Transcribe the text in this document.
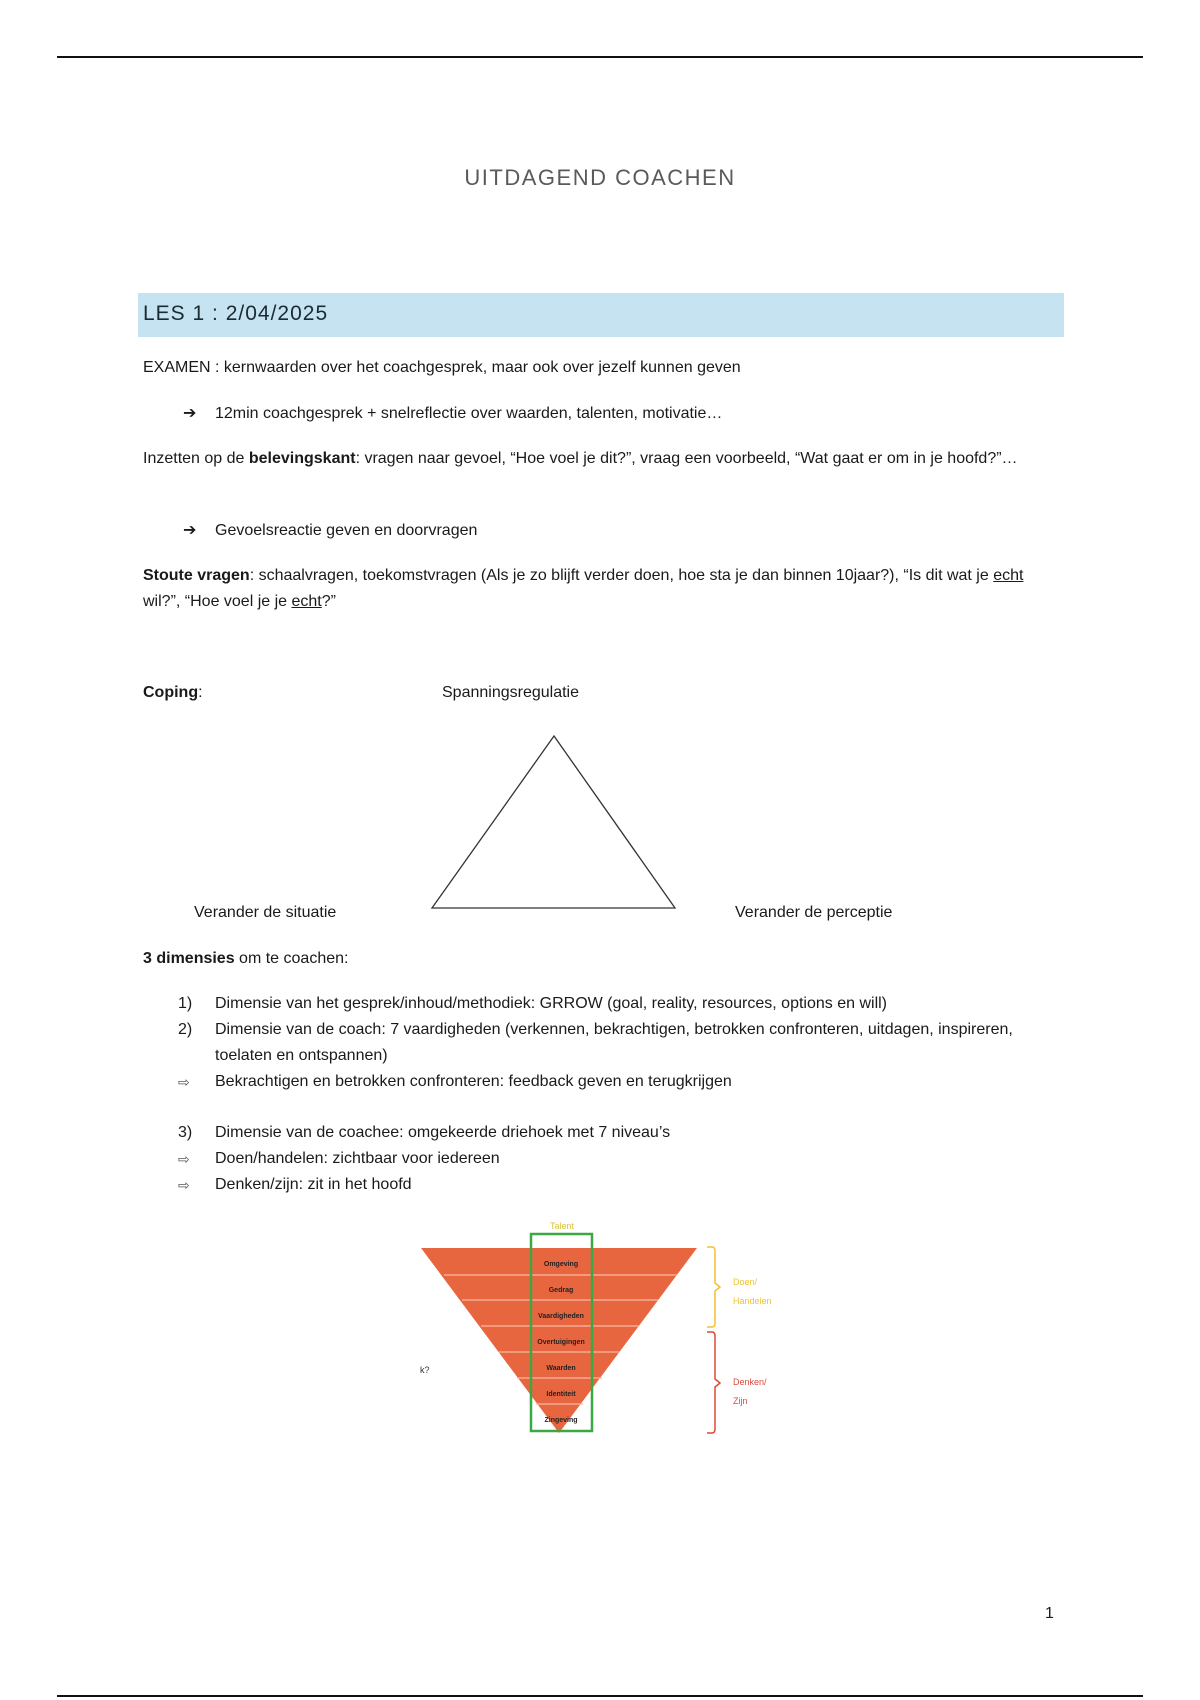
UITDAGEND COACHEN
LES 1 : 2/04/2025
EXAMEN : kernwaarden over het coachgesprek, maar ook over jezelf kunnen geven
➔ 12min coachgesprek + snelreflectie over waarden, talenten, motivatie…
Inzetten op de belevingskant: vragen naar gevoel, “Hoe voel je dit?”, vraag een voorbeeld, “Wat gaat er om in je hoofd?”…
➔ Gevoelsreactie geven en doorvragen
Stoute vragen: schaalvragen, toekomstvragen (Als je zo blijft verder doen, hoe sta je dan binnen 10jaar?), “Is dit wat je echt wil?”, “Hoe voel je je echt?”
Coping:	Spanningsregulatie
Verander de situatie	Verander de perceptie
3 dimensies om te coachen:
1) Dimensie van het gesprek/inhoud/methodiek: GRROW (goal, reality, resources, options en will)
2) Dimensie van de coach: 7 vaardigheden (verkennen, bekrachtigen, betrokken confronteren, uitdagen, inspireren, toelaten en ontspannen)
⇨ Bekrachtigen en betrokken confronteren: feedback geven en terugkrijgen
3) Dimensie van de coachee: omgekeerde driehoek met 7 niveau’s
⇨ Doen/handelen: zichtbaar voor iedereen
⇨ Denken/zijn: zit in het hoofd
Talent
Omgeving
Gedrag
Vaardigheden
Overtuigingen
Waarden
Identiteit
Zingeving
Doen/
Handelen
Denken/
Zijn
k?
1
